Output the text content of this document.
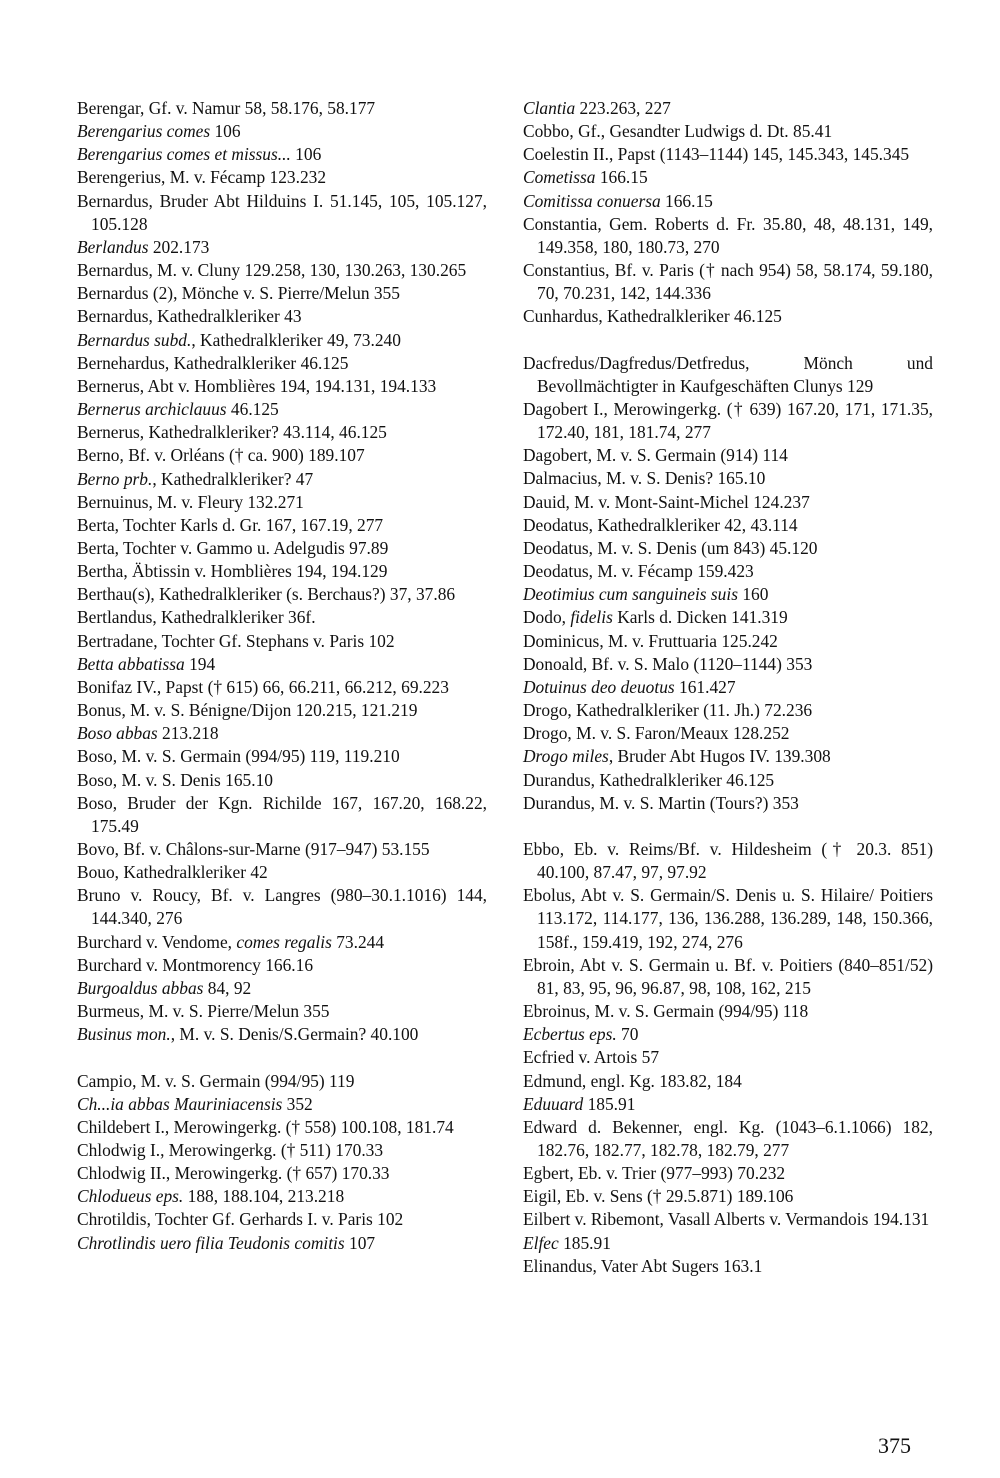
Berengar, Gf. v. Namur 58, 58.176, 58.177
Berengarius comes 106
Berengarius comes et missus... 106
Berengerius, M. v. Fécamp 123.232
Bernardus, Bruder Abt Hilduins I. 51.145, 105, 105.127, 105.128
Berlandus 202.173
Bernardus, M. v. Cluny 129.258, 130, 130.263, 130.265
Bernardus (2), Mönche v. S. Pierre/Melun 355
Bernardus, Kathedralkleriker 43
Bernardus subd., Kathedralkleriker 49, 73.240
Bernehardus, Kathedralkleriker 46.125
Bernerus, Abt v. Homblières 194, 194.131, 194.133
Bernerus archiclauus 46.125
Bernerus, Kathedralkleriker? 43.114, 46.125
Berno, Bf. v. Orléans († ca. 900) 189.107
Berno prb., Kathedralkleriker? 47
Bernuinus, M. v. Fleury 132.271
Berta, Tochter Karls d. Gr. 167, 167.19, 277
Berta, Tochter v. Gammo u. Adelgudis 97.89
Bertha, Äbtissin v. Homblières 194, 194.129
Berthau(s), Kathedralkleriker (s. Berchaus?) 37, 37.86
Bertlandus, Kathedralkleriker 36f.
Bertradane, Tochter Gf. Stephans v. Paris 102
Betta abbatissa 194
Bonifaz IV., Papst († 615) 66, 66.211, 66.212, 69.223
Bonus, M. v. S. Bénigne/Dijon 120.215, 121.219
Boso abbas 213.218
Boso, M. v. S. Germain (994/95) 119, 119.210
Boso, M. v. S. Denis 165.10
Boso, Bruder der Kgn. Richilde 167, 167.20, 168.22, 175.49
Bovo, Bf. v. Châlons-sur-Marne (917–947) 53.155
Bouo, Kathedralkleriker 42
Bruno v. Roucy, Bf. v. Langres (980–30.1.1016) 144, 144.340, 276
Burchard v. Vendome, comes regalis 73.244
Burchard v. Montmorency 166.16
Burgoaldus abbas 84, 92
Burmeus, M. v. S. Pierre/Melun 355
Businus mon., M. v. S. Denis/S.Germain? 40.100
Campio, M. v. S. Germain (994/95) 119
Ch...ia abbas Mauriniacensis 352
Childebert I., Merowingerkg. († 558) 100.108, 181.74
Chlodwig I., Merowingerkg. († 511) 170.33
Chlodwig II., Merowingerkg. († 657) 170.33
Chlodueus eps. 188, 188.104, 213.218
Chrotildis, Tochter Gf. Gerhards I. v. Paris 102
Chrotlindis uero filia Teudonis comitis 107
Clantia 223.263, 227
Cobbo, Gf., Gesandter Ludwigs d. Dt. 85.41
Coelestin II., Papst (1143–1144) 145, 145.343, 145.345
Cometissa 166.15
Comitissa conuersa 166.15
Constantia, Gem. Roberts d. Fr. 35.80, 48, 48.131, 149, 149.358, 180, 180.73, 270
Constantius, Bf. v. Paris († nach 954) 58, 58.174, 59.180, 70, 70.231, 142, 144.336
Cunhardus, Kathedralkleriker 46.125
Dacfredus/Dagfredus/Detfredus, Mönch und Bevollmächtigter in Kaufgeschäften Clunys 129
Dagobert I., Merowingerkg. († 639) 167.20, 171, 171.35, 172.40, 181, 181.74, 277
Dagobert, M. v. S. Germain (914) 114
Dalmacius, M. v. S. Denis? 165.10
Dauid, M. v. Mont-Saint-Michel 124.237
Deodatus, Kathedralkleriker 42, 43.114
Deodatus, M. v. S. Denis (um 843) 45.120
Deodatus, M. v. Fécamp 159.423
Deotimius cum sanguineis suis 160
Dodo, fidelis Karls d. Dicken 141.319
Dominicus, M. v. Fruttuaria 125.242
Donoald, Bf. v. S. Malo (1120–1144) 353
Dotuinus deo deuotus 161.427
Drogo, Kathedralkleriker (11. Jh.) 72.236
Drogo, M. v. S. Faron/Meaux 128.252
Drogo miles, Bruder Abt Hugos IV. 139.308
Durandus, Kathedralkleriker 46.125
Durandus, M. v. S. Martin (Tours?) 353
Ebbo, Eb. v. Reims/Bf. v. Hildesheim († 20.3. 851) 40.100, 87.47, 97, 97.92
Ebolus, Abt v. S. Germain/S. Denis u. S. Hilaire/ Poitiers 113.172, 114.177, 136, 136.288, 136.289, 148, 150.366, 158f., 159.419, 192, 274, 276
Ebroin, Abt v. S. Germain u. Bf. v. Poitiers (840–851/52) 81, 83, 95, 96, 96.87, 98, 108, 162, 215
Ebroinus, M. v. S. Germain (994/95) 118
Ecbertus eps. 70
Ecfried v. Artois 57
Edmund, engl. Kg. 183.82, 184
Eduuard 185.91
Edward d. Bekenner, engl. Kg. (1043–6.1.1066) 182, 182.76, 182.77, 182.78, 182.79, 277
Egbert, Eb. v. Trier (977–993) 70.232
Eigil, Eb. v. Sens († 29.5.871) 189.106
Eilbert v. Ribemont, Vasall Alberts v. Vermandois 194.131
Elfec 185.91
Elinandus, Vater Abt Sugers 163.1
375
